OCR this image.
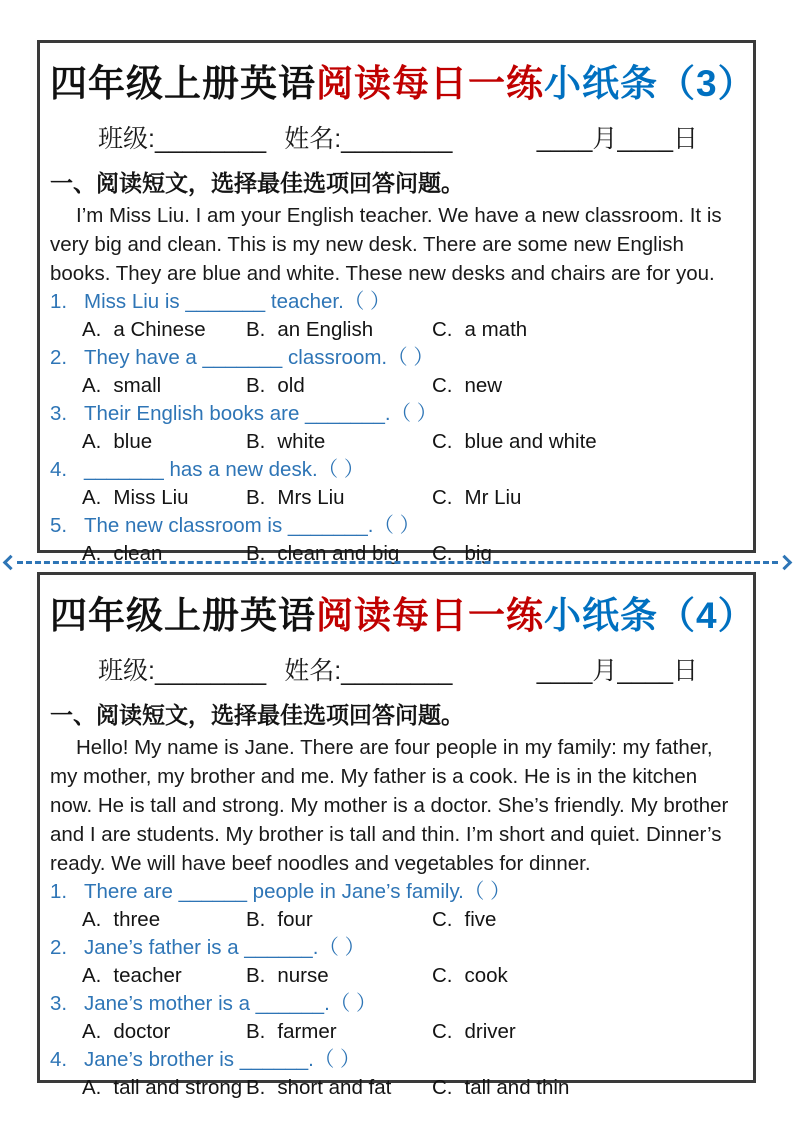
四年级上册英语阅读每日一练小纸条（3）
班级: ________ 姓名: ________	____月____日
一、阅读短文，选择最佳选项回答问题。
I’m Miss Liu. I am your English teacher. We have a new classroom. It is very big and clean. This is my new desk. There are some new English books. They are blue and white. These new desks and chairs are for you.
1. Miss Liu is _______ teacher.（ ）
A. a Chinese B. an English	C. a math
2. They have a _______ classroom.（ ）
A. small	B. old	C. new
3. Their English books are _______.（ ）
A. blue	B. white	C. blue and white
4. _______ has a new desk.（ ）
A. Miss Liu	B. Mrs Liu	C. Mr Liu
5. The new classroom is _______.（ ）
A. clean	B. clean and big C. big
四年级上册英语阅读每日一练小纸条（4）
班级: ________ 姓名: ________	____月____日
一、阅读短文，选择最佳选项回答问题。
Hello! My name is Jane. There are four people in my family: my father, my mother, my brother and me. My father is a cook. He is in the kitchen now. He is tall and strong. My mother is a doctor. She’s friendly. My brother and I are students. My brother is tall and thin. I’m short and quiet. Dinner’s ready. We will have beef noodles and vegetables for dinner.
1. There are ______ people in Jane’s family.（ ）
A. three	B. four	C. five
2. Jane’s father is a ______.（ ）
A. teacher	B. nurse	C. cook
3. Jane’s mother is a ______.（ ）
A. doctor	B. farmer	C. driver
4. Jane’s brother is ______.（ ）
A. tall and strong B. short and fat C. tall and thin
